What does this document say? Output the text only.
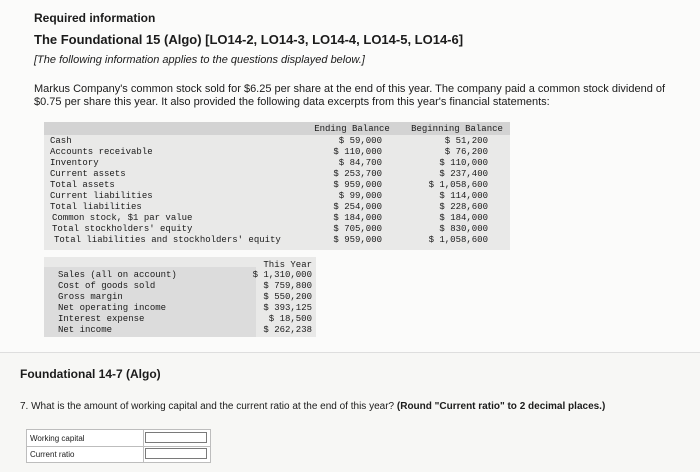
Required information
The Foundational 15 (Algo) [LO14-2, LO14-3, LO14-4, LO14-5, LO14-6]
[The following information applies to the questions displayed below.]
Markus Company's common stock sold for $6.25 per share at the end of this year. The company paid a common stock dividend of $0.75 per share this year. It also provided the following data excerpts from this year's financial statements:
Ending Balance	Beginning Balance
Cash	$ 59,000	$ 51,200
Accounts receivable	$ 110,000	$ 76,200
Inventory	$ 84,700	$ 110,000
Current assets	$ 253,700	$ 237,400
Total assets	$ 959,000	$ 1,058,600
Current liabilities	$ 99,000	$ 114,000
Total liabilities	$ 254,000	$ 228,600
Common stock, $1 par value	$ 184,000	$ 184,000
Total stockholders' equity	$ 705,000	$ 830,000
Total liabilities and stockholders' equity	$ 959,000	$ 1,058,600
This Year
Sales (all on account)	$ 1,310,000
Cost of goods sold	$ 759,800
Gross margin	$ 550,200
Net operating income	$ 393,125
Interest expense	$ 18,500
Net income	$ 262,238
Foundational 14-7 (Algo)
7. What is the amount of working capital and the current ratio at the end of this year? (Round "Current ratio" to 2 decimal places.)
Working capital
Current ratio
